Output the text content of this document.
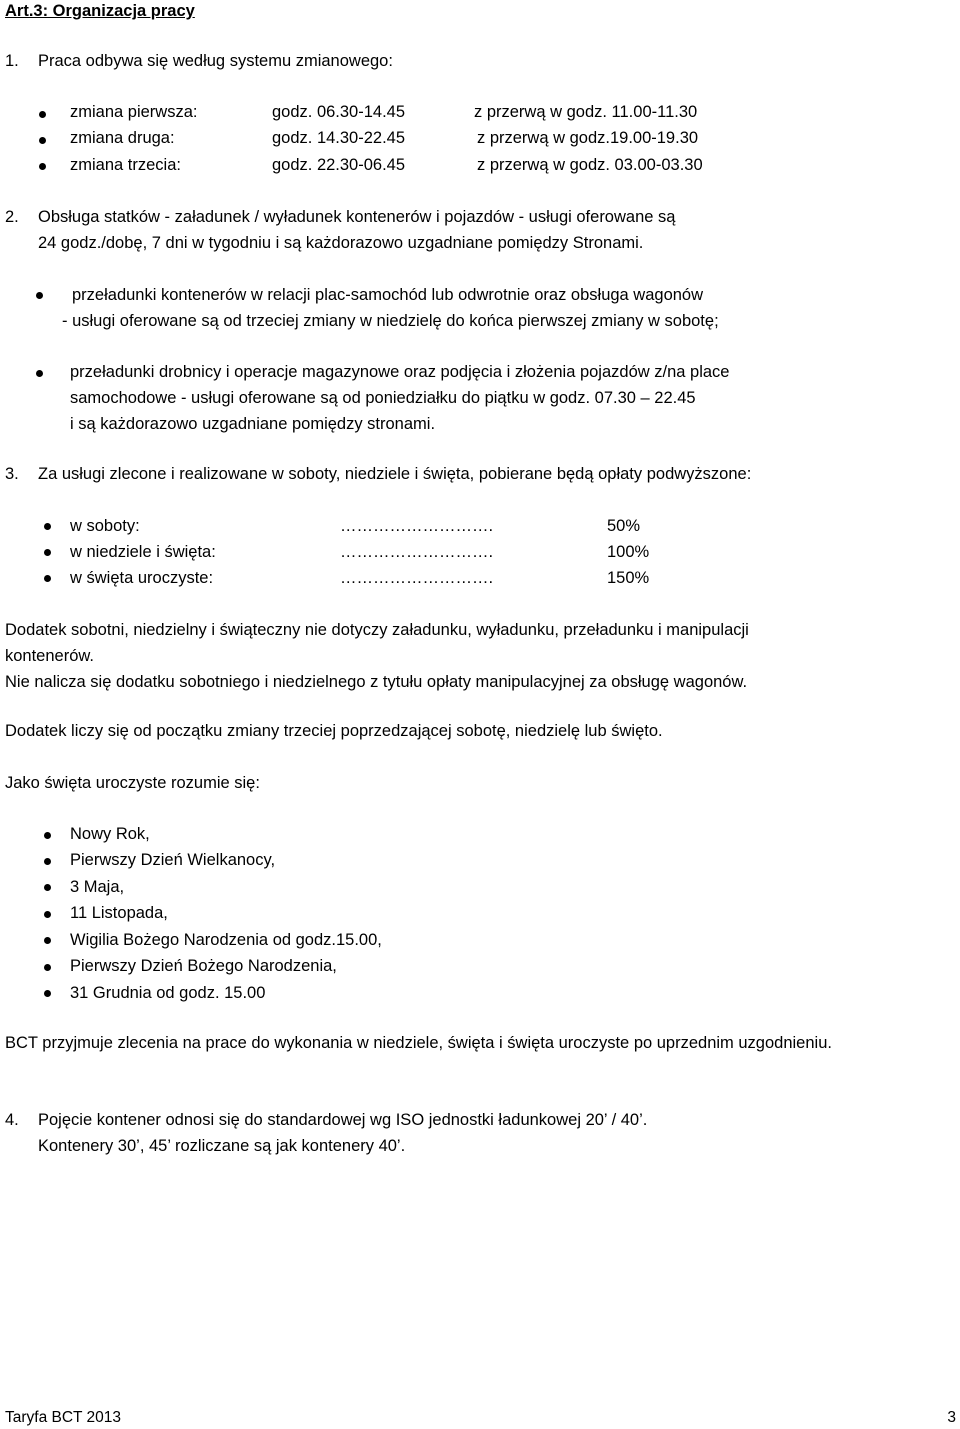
Art.3: Organizacja pracy
1. Praca odbywa się według systemu zmianowego:
zmiana pierwsza:	godz. 06.30-14.45	z przerwą w godz. 11.00-11.30
zmiana druga:	godz. 14.30-22.45	z przerwą w godz.19.00-19.30
zmiana trzecia:	godz. 22.30-06.45	z przerwą w godz. 03.00-03.30
2. Obsługa statków - załadunek / wyładunek kontenerów i pojazdów - usługi oferowane są
24 godz./dobę, 7 dni w tygodniu i są każdorazowo uzgadniane pomiędzy Stronami.
przeładunki kontenerów w relacji plac-samochód lub odwrotnie oraz obsługa wagonów
- usługi oferowane są od trzeciej zmiany w niedzielę do końca pierwszej zmiany w sobotę;
przeładunki drobnicy i operacje magazynowe oraz podjęcia i złożenia pojazdów z/na place
samochodowe - usługi oferowane są od poniedziałku do piątku w godz. 07.30 – 22.45
i są każdorazowo uzgadniane pomiędzy stronami.
3. Za usługi zlecone i realizowane w soboty, niedziele i święta, pobierane będą opłaty podwyższone:
w soboty:	……………………….	50%
w niedziele i święta:	……………………….	100%
w święta uroczyste:	……………………….	150%
Dodatek sobotni, niedzielny i świąteczny nie dotyczy załadunku, wyładunku, przeładunku i manipulacji
kontenerów.
Nie nalicza się dodatku sobotniego i niedzielnego z tytułu opłaty manipulacyjnej za obsługę wagonów.
Dodatek liczy się od początku zmiany trzeciej poprzedzającej sobotę, niedzielę lub święto.
Jako święta uroczyste rozumie się:
Nowy Rok,
Pierwszy Dzień Wielkanocy,
3 Maja,
11 Listopada,
Wigilia Bożego Narodzenia od godz.15.00,
Pierwszy Dzień Bożego Narodzenia,
31 Grudnia od godz. 15.00
BCT przyjmuje zlecenia na prace do wykonania w niedziele, święta i święta uroczyste po uprzednim uzgodnieniu.
4. Pojęcie kontener odnosi się do standardowej wg ISO jednostki ładunkowej 20’ / 40’.
Kontenery 30’, 45’ rozliczane są jak kontenery 40’.
Taryfa BCT 2013	3
